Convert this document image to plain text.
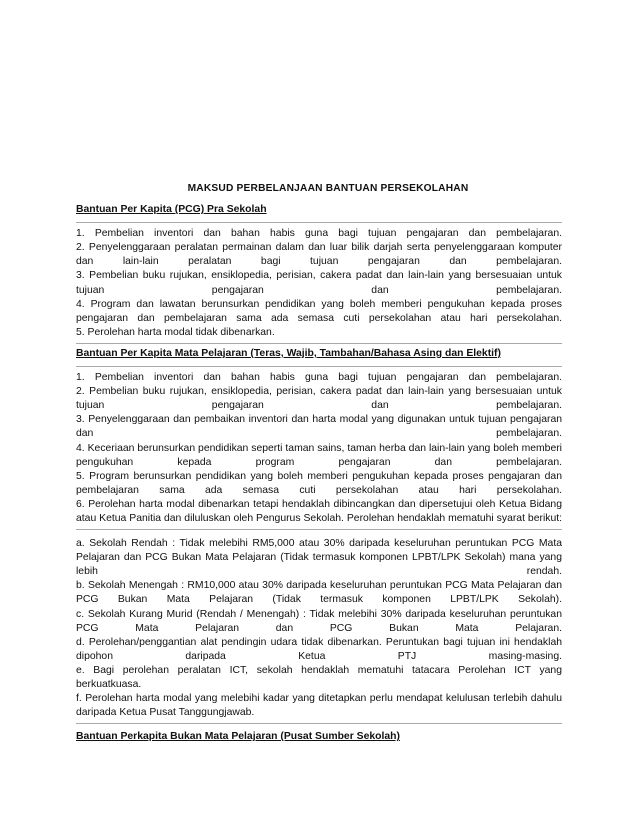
MAKSUD PERBELANJAAN BANTUAN PERSEKOLAHAN
Bantuan Per Kapita (PCG) Pra Sekolah
1. Pembelian inventori dan bahan habis guna bagi tujuan pengajaran dan pembelajaran.
2. Penyelenggaraan peralatan permainan dalam dan luar bilik darjah serta penyelenggaraan komputer
dan lain-lain peralatan bagi tujuan pengajaran dan pembelajaran.
3. Pembelian buku rujukan, ensiklopedia, perisian, cakera padat dan lain-lain yang bersesuaian untuk
tujuan pengajaran dan pembelajaran.
4. Program dan lawatan berunsurkan pendidikan yang boleh memberi pengukuhan kepada proses
pengajaran dan pembelajaran sama ada semasa cuti persekolahan atau hari persekolahan.
5. Perolehan harta modal tidak dibenarkan.
Bantuan Per Kapita Mata Pelajaran (Teras, Wajib, Tambahan/Bahasa Asing dan Elektif)
1. Pembelian inventori dan bahan habis guna bagi tujuan pengajaran dan pembelajaran.
2. Pembelian buku rujukan, ensiklopedia, perisian, cakera padat dan lain-lain yang bersesuaian untuk
tujuan pengajaran dan pembelajaran.
3. Penyelenggaraan dan pembaikan inventori dan harta modal yang digunakan untuk tujuan pengajaran
dan pembelajaran.
4. Keceriaan berunsurkan pendidikan seperti taman sains, taman herba dan lain-lain yang boleh memberi
pengukuhan kepada program pengajaran dan pembelajaran.
5. Program berunsurkan pendidikan yang boleh memberi pengukuhan kepada proses pengajaran dan
pembelajaran sama ada semasa cuti persekolahan atau hari persekolahan.
6. Perolehan harta modal dibenarkan tetapi hendaklah dibincangkan dan dipersetujui oleh Ketua Bidang
atau Ketua Panitia dan diluluskan oleh Pengurus Sekolah. Perolehan hendaklah mematuhi syarat berikut:
a. Sekolah Rendah : Tidak melebihi RM5,000 atau 30% daripada keseluruhan peruntukan PCG Mata
Pelajaran dan PCG Bukan Mata Pelajaran (Tidak termasuk komponen LPBT/LPK Sekolah) mana yang
lebih rendah.
b. Sekolah Menengah : RM10,000 atau 30% daripada keseluruhan peruntukan PCG Mata Pelajaran dan
PCG Bukan Mata Pelajaran (Tidak termasuk komponen LPBT/LPK Sekolah).
c. Sekolah Kurang Murid (Rendah / Menengah) : Tidak melebihi 30% daripada keseluruhan peruntukan
PCG Mata Pelajaran dan PCG Bukan Mata Pelajaran.
d. Perolehan/penggantian alat pendingin udara tidak dibenarkan. Peruntukan bagi tujuan ini hendaklah
dipohon daripada Ketua PTJ masing-masing.
e. Bagi perolehan peralatan ICT, sekolah hendaklah mematuhi tatacara Perolehan ICT yang
berkuatkuasa.
f. Perolehan harta modal yang melebihi kadar yang ditetapkan perlu mendapat kelulusan terlebih dahulu
daripada Ketua Pusat Tanggungjawab.
Bantuan Perkapita Bukan Mata Pelajaran (Pusat Sumber Sekolah)
